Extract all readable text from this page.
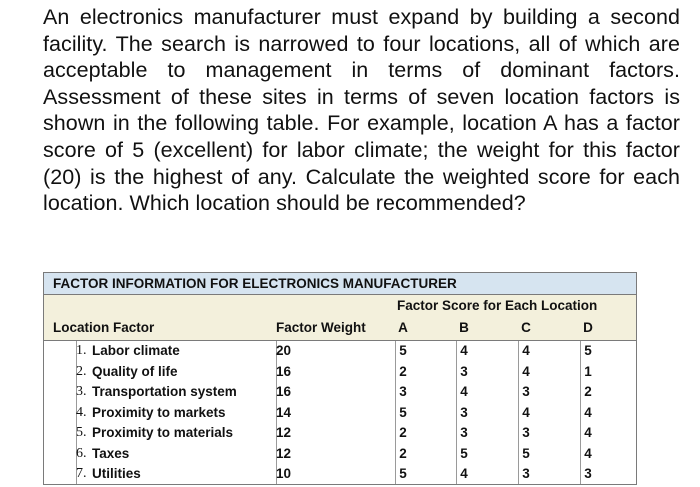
An electronics manufacturer must expand by building a second facility. The search is narrowed to four locations, all of which are acceptable to management in terms of dominant factors. Assessment of these sites in terms of seven location factors is shown in the following table. For example, location A has a factor score of 5 (excellent) for labor climate; the weight for this factor (20) is the highest of any. Calculate the weighted score for each location. Which location should be recommended?
FACTOR INFORMATION FOR ELECTRONICS MANUFACTURER
Factor Score for Each Location
Location Factor	Factor Weight	A	B	C	D
1. Labor climate	20	5	4	4	5
2. Quality of life	16	2	3	4	1
3. Transportation system	16	3	4	3	2
4. Proximity to markets	14	5	3	4	4
5. Proximity to materials	12	2	3	3	4
6. Taxes	12	2	5	5	4
7. Utilities	10	5	4	3	3
